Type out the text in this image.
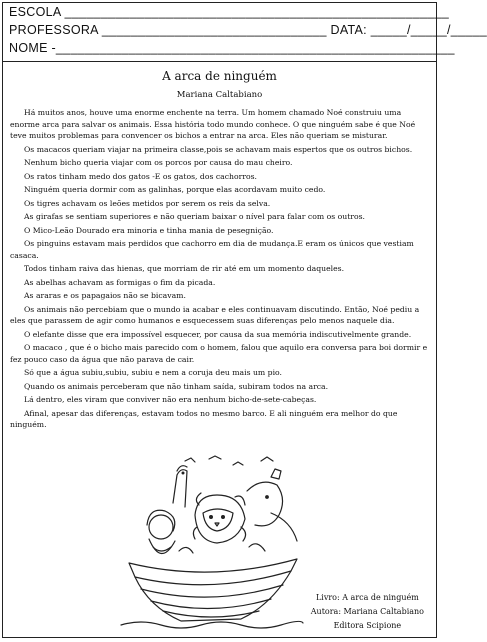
ESCOLA _____________________________________________________
PROFESSORA _______________________________ DATA: _____/_____/_____
NOME -_______________________________________________________
A arca de ninguém
Mariana Caltabiano

Há muitos anos, houve uma enorme enchente na terra. Um homem chamado Noé construiu uma enorme arca para salvar os animais. Essa história todo mundo conhece. O que ninguém sabe é que Noé teve muitos problemas para convencer os bichos a entrar na arca. Eles não queriam se misturar.

Os macacos queriam viajar na primeira classe,pois se achavam mais espertos que os outros bichos.

Nenhum bicho queria viajar com os porcos por causa do mau cheiro.

Os ratos tinham medo dos gatos -E os gatos, dos cachorros.

Ninguém queria dormir com as galinhas, porque elas acordavam muito cedo.

Os tigres achavam os leões metidos por serem os reis da selva.

As girafas se sentiam superiores e não queriam baixar o nível para falar com os outros.

O Mico-Leão Dourado era minoria e tinha mania de pesegnição.

Os pinguins estavam mais perdidos que cachorro em dia de mudança.E eram os únicos que vestiam casaca.

Todos tinham raiva das hienas, que morriam de rir até em um momento daqueles.

As abelhas achavam as formigas o fim da picada.

As araras e os papagaios não se bicavam.

Os animais não percebiam que o mundo ia acabar e eles continuavam discutindo. Então, Noé pediu a eles que parassem de agir como humanos e esquecessem suas diferenças pelo menos naquele dia.

O elefante disse que era impossível esquecer, por causa da sua memória indiscutivelmente grande.

O macaco , que é o bicho mais parecido com o homem, falou que aquilo era conversa para boi dormir e fez pouco caso da água que não parava de cair.

Só que a água subiu,subiu, subiu e nem a coruja deu mais um pio.

Quando os animais perceberam que não tinham saída, subiram todos na arca.

Lá dentro, eles viram que conviver não era nenhum bicho-de-sete-cabeças.

Afinal, apesar das diferenças, estavam todos no mesmo barco. E ali ninguém era melhor do que ninguém.

Livro: A arca de ninguém
Autora: Mariana Caltabiano
Editora Scipione
